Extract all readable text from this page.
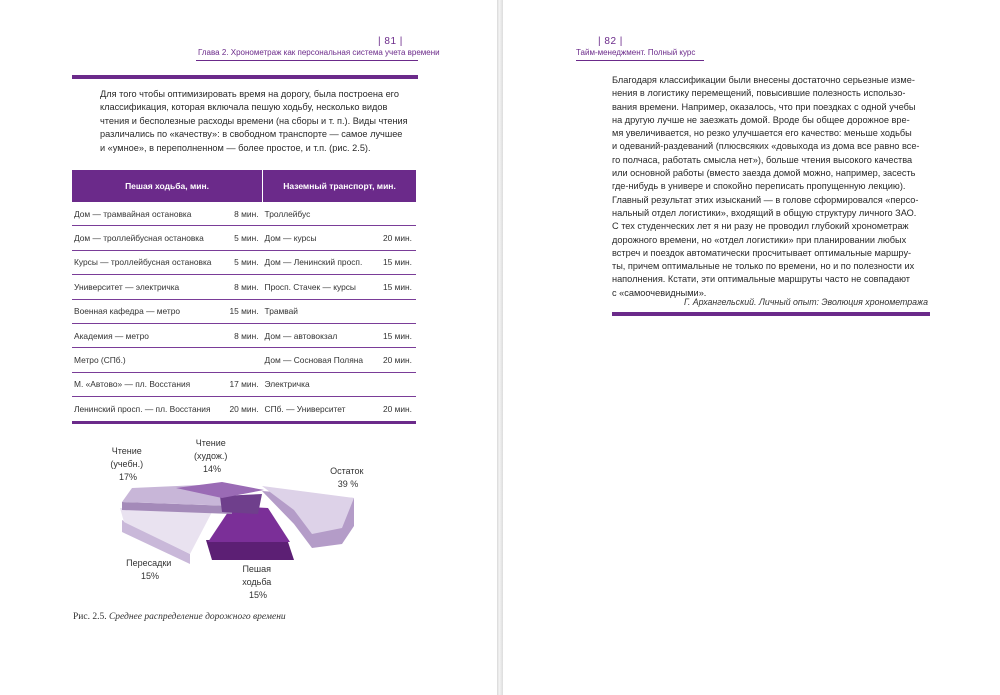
| 81 |
Глава 2. Хронометраж как персональная система учета времени

Для того чтобы оптимизировать время на дорогу, была построена его

классификация, которая включала пешую ходьбу, несколько видов

чтения и бесполезные расходы времени (на сборы и т. п.). Виды чтения

различались по «качеству»: в свободном транспорте — самое лучшее

и «умное», в переполненном — более простое, и т.п. (рис. 2.5).

Пешая ходьба, мин.		Наземный транспорт, мин.	
Дом — трамвайная остановка	8 мин.	Троллейбус	
Дом — троллейбусная остановка	5 мин.	Дом — курсы	20 мин.
Курсы — троллейбусная остановка	5 мин.	Дом — Ленинский просп.	15 мин.
Университет — электричка	8 мин.	Просп. Стачек — курсы	15 мин.
Военная кафедра — метро	15 мин.	Трамвай	
Академия — метро	8 мин.	Дом — автовокзал	15 мин.
Метро (СПб.)		Дом — Сосновая Поляна	20 мин.
М. «Автово» — пл. Восстания	17 мин.	Электричка	
Ленинский просп. — пл. Восстания	20 мин.	СПб. — Университет	20 мин.
Чтение (учебн.) 17%
Чтение (худож.) 14%	Остаток 39 %
Пересадки 15%
Пешая ходьба 15%
Рис. 2.5. Среднее распределение дорожного времени
| 82 |
Тайм-менеджмент. Полный курс

Благодаря классификации были внесены достаточно серьезные изме-

нения в логистику перемещений, повысившие полезность использо-

вания времени. Например, оказалось, что при поездках с одной учебы

на другую лучше не заезжать домой. Вроде бы общее дорожное вре-

мя увеличивается, но резко улучшается его качество: меньше ходьбы

и одеваний-раздеваний (плюсвсяких «довыхода из дома все равно все-

го полчаса, работать смысла нет»), больше чтения высокого качества

или основной работы (вместо заезда домой можно, например, засесть

где-нибудь в универе и спокойно переписать пропущенную лекцию).

Главный результат этих изысканий — в голове сформировался «персо-

нальный отдел логистики», входящий в общую структуру личного ЗАО.

С тех студенческих лет я ни разу не проводил глубокий хронометраж

дорожного времени, но «отдел логистики» при планировании любых

встреч и поездок автоматически просчитывает оптимальные маршру-

ты, причем оптимальные не только по времени, но и по полезности их

наполнения. Кстати, эти оптимальные маршруты часто не совпадают

с «самоочевидными».

Г. Архангельский. Личный опыт: Эволюция хронометража
